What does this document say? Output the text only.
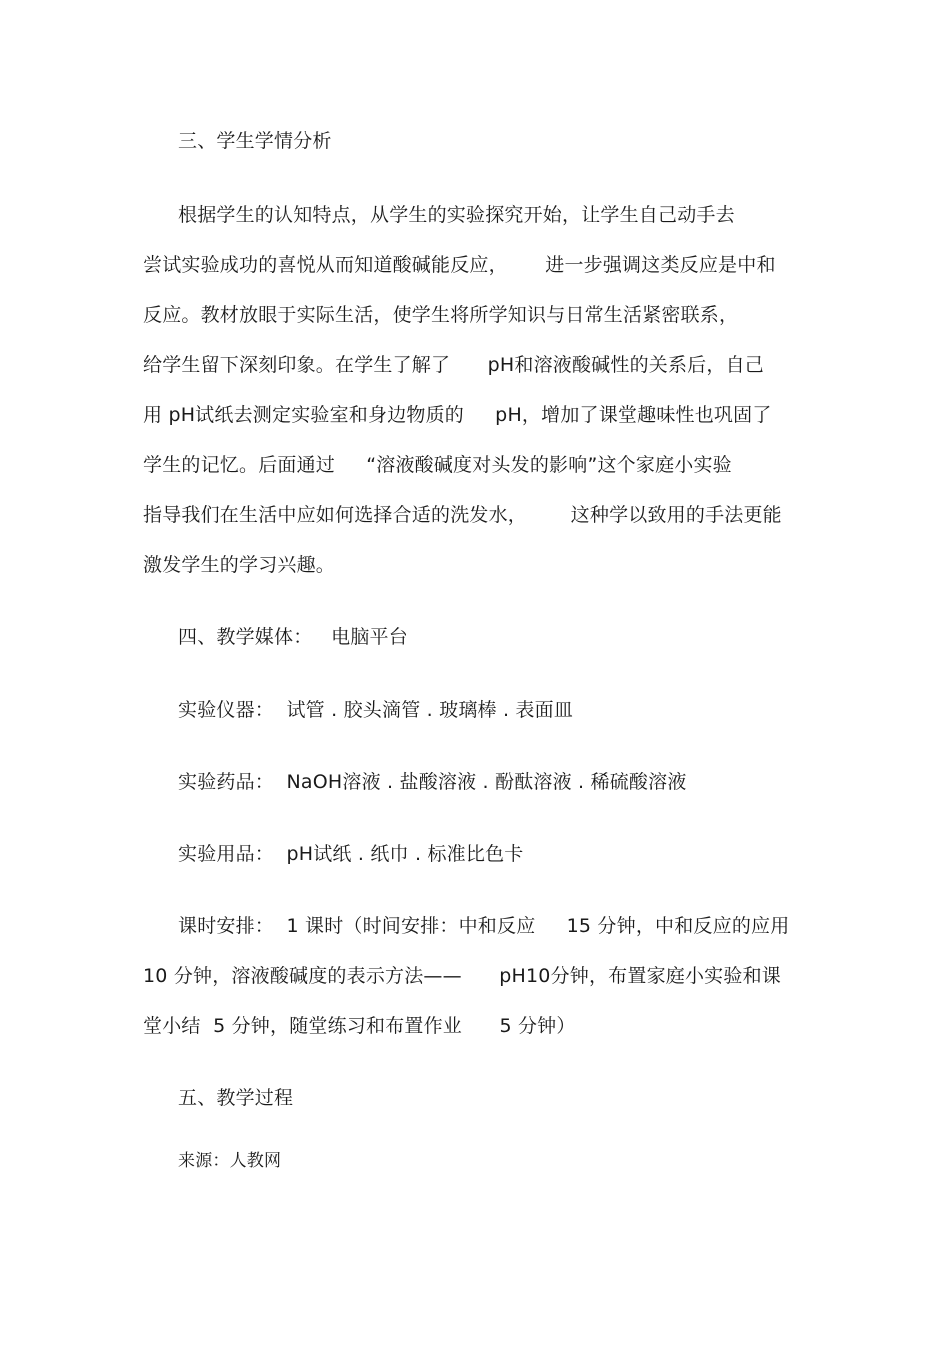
三、学生学情分析
根据学生的认知特点，从学生的实验探究开始，让学生自己动手去
尝试实验成功的喜悦从而知道酸碱能反应，      进一步强调这类反应是中和
反应。教材放眼于实际生活，使学生将所学知识与日常生活紧密联系，
给学生留下深刻印象。在学生了解了      pH和溶液酸碱性的关系后，自己
用 pH试纸去测定实验室和身边物质的     pH，增加了课堂趣味性也巩固了
学生的记忆。后面通过     “溶液酸碱度对头发的影响”这个家庭小实验
指导我们在生活中应如何选择合适的洗发水，       这种学以致用的手法更能
激发学生的学习兴趣。
四、教学媒体：   电脑平台
实验仪器：  试管 . 胶头滴管 . 玻璃棒 . 表面皿
实验药品：  NaOH溶液 . 盐酸溶液 . 酚酞溶液 . 稀硫酸溶液
实验用品：  pH试纸 . 纸巾 . 标准比色卡
课时安排：  1 课时（时间安排：中和反应     15 分钟，中和反应的应用
10 分钟，溶液酸碱度的表示方法——      pH10分钟，布置家庭小实验和课
堂小结  5 分钟，随堂练习和布置作业      5 分钟）
五、教学过程
来源：人教网
